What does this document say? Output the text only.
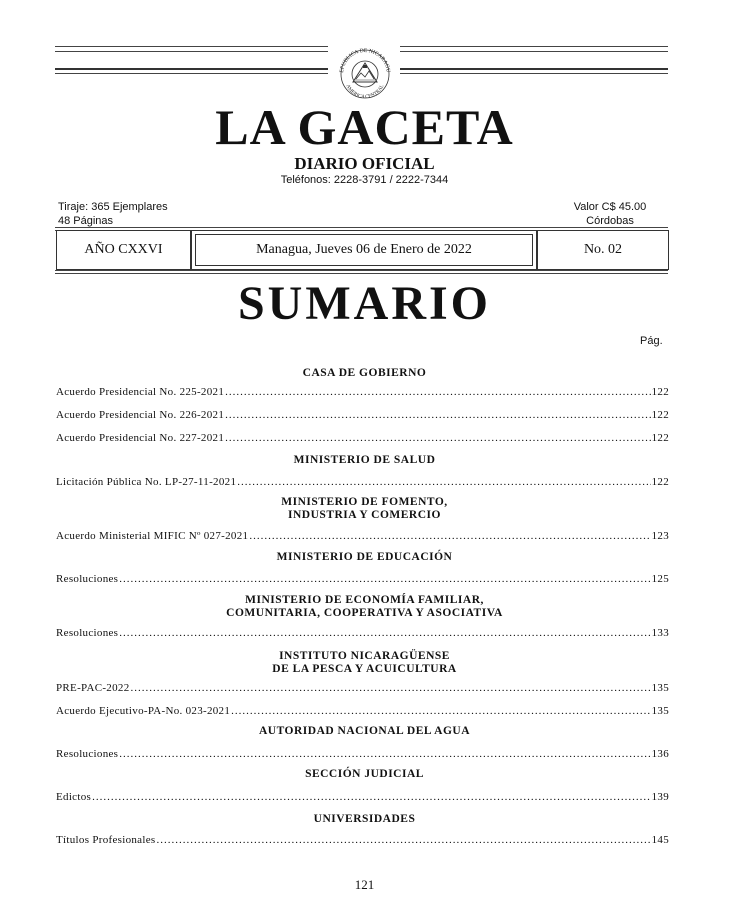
EPUBLICA DE NICARAGU
AMERICA CENTRAL
LA GACETA
DIARIO OFICIAL
Teléfonos: 2228-3791 / 2222-7344
Tiraje: 365 Ejemplares
48 Páginas
Valor C$ 45.00
Córdobas
AÑO CXXVI	Managua, Jueves 06 de Enero de 2022	No. 02
SUMARIO
Pág.
CASA DE GOBIERNO
Acuerdo Presidencial No. 225-2021 .....	122
Acuerdo Presidencial No. 226-2021 .....	122
Acuerdo Presidencial No. 227-2021 .....	122
MINISTERIO DE SALUD
Licitación Pública No. LP-27-11-2021 .....	122
MINISTERIO DE FOMENTO,
INDUSTRIA Y COMERCIO
Acuerdo Ministerial MIFIC Nº 027-2021 .....	123
MINISTERIO DE EDUCACIÓN
Resoluciones .....	125
MINISTERIO DE ECONOMÍA FAMILIAR,
COMUNITARIA, COOPERATIVA Y ASOCIATIVA
Resoluciones .....	133
INSTITUTO NICARAGÜENSE
DE LA PESCA Y ACUICULTURA
PRE-PAC-2022 .....	135
Acuerdo Ejecutivo-PA-No. 023-2021 .....	135
AUTORIDAD NACIONAL DEL AGUA
Resoluciones .....	136
SECCIÓN JUDICIAL
Edictos .....	139
UNIVERSIDADES
Títulos Profesionales .....	145
121
